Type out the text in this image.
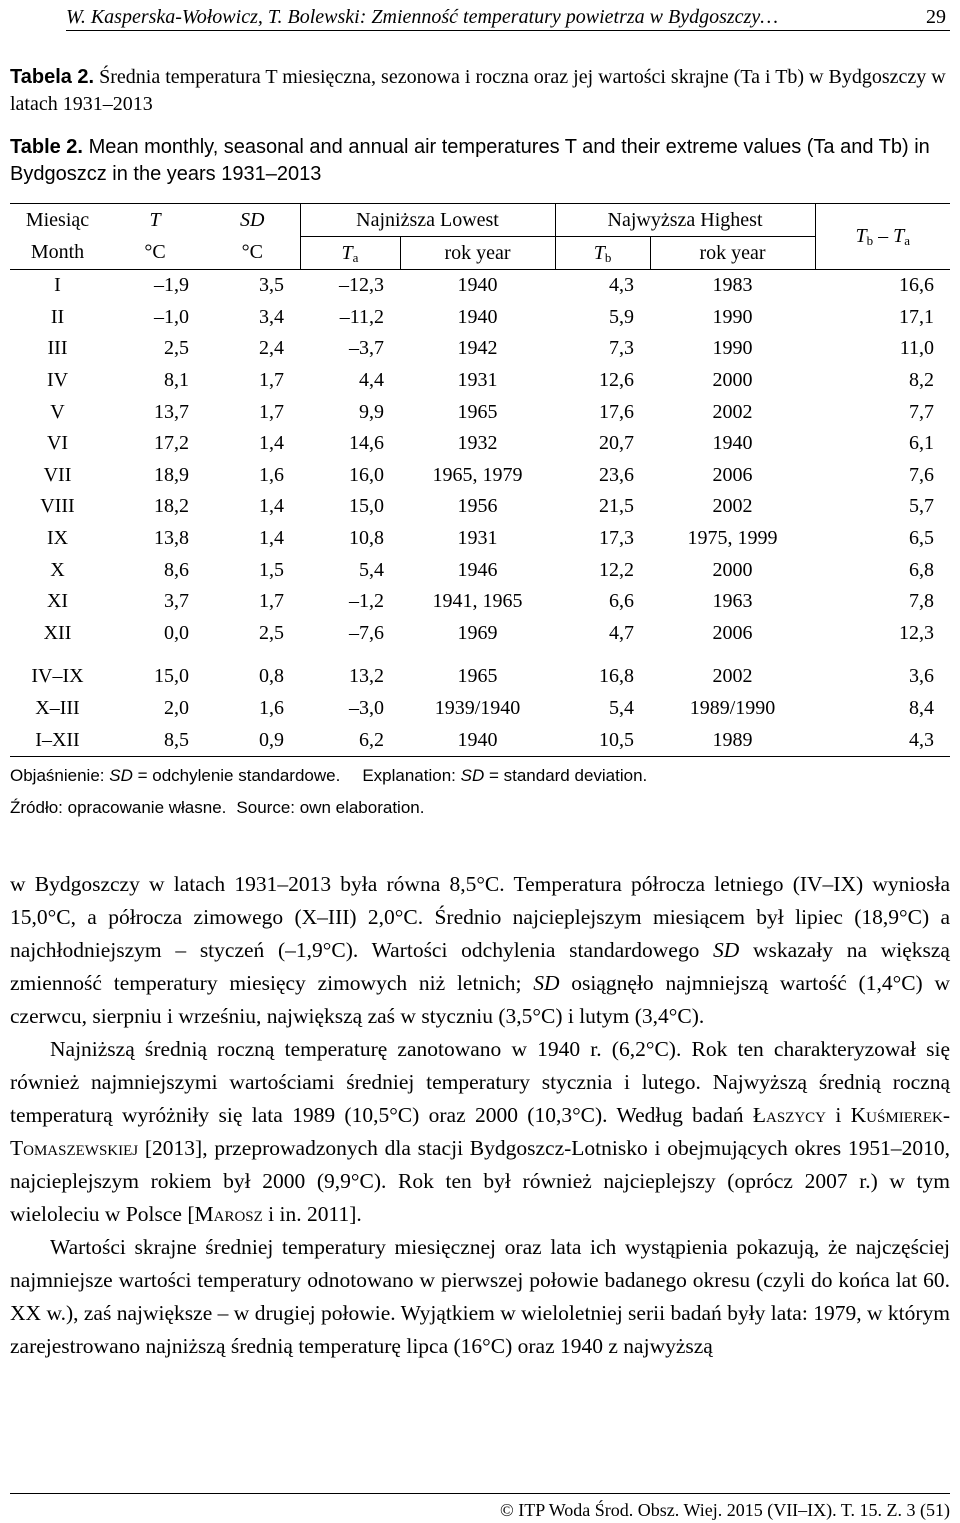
W. Kasperska-Wołowicz, T. Bolewski: Zmienność temperatury powietrza w Bydgoszczy…	29
Tabela 2. Średnia temperatura T miesięczna, sezonowa i roczna oraz jej wartości skrajne (Ta i Tb) w Bydgoszczy w latach 1931‒2013
Table 2. Mean monthly, seasonal and annual air temperatures T and their extreme values (Ta and Tb) in Bydgoszcz in the years 1931‒2013
Miesiąc	T	SD	Najniższa Lowest		Najwyższa Highest		$T_b - T_a$
Month	°C	°C	$T_a$	rok year	$T_b$	rok year	
I	–1,9	3,5	–12,3	1940	4,3	1983	16,6
II	–1,0	3,4	–11,2	1940	5,9	1990	17,1
III	2,5	2,4	–3,7	1942	7,3	1990	11,0
IV	8,1	1,7	4,4	1931	12,6	2000	8,2
V	13,7	1,7	9,9	1965	17,6	2002	7,7
VI	17,2	1,4	14,6	1932	20,7	1940	6,1
VII	18,9	1,6	16,0	1965, 1979	23,6	2006	7,6
VIII	18,2	1,4	15,0	1956	21,5	2002	5,7
IX	13,8	1,4	10,8	1931	17,3	1975, 1999	6,5
X	8,6	1,5	5,4	1946	12,2	2000	6,8
XI	3,7	1,7	–1,2	1941, 1965	6,6	1963	7,8
XII	0,0	2,5	–7,6	1969	4,7	2006	12,3

IV‒IX	15,0	0,8	13,2	1965	16,8	2002	3,6
X‒III	2,0	1,6	–3,0	1939/1940	5,4	1989/1990	8,4
I‒XII	8,5	0,9	6,2	1940	10,5	1989	4,3
Objaśnienie: SD = odchylenie standardowe. Explanation: SD = standard deviation.
Źródło: opracowanie własne. Source: own elaboration.

w Bydgoszczy w latach 1931‒2013 była równa 8,5°C. Temperatura półrocza letniego (IV‒IX) wyniosła 15,0°C, a półrocza zimowego (X‒III) 2,0°C. Średnio najcieplejszym miesiącem był lipiec (18,9°C) a najchłodniejszym – styczeń (–1,9°C). Wartości odchylenia standardowego SD wskazały na większą zmienność temperatury miesięcy zimowych niż letnich; SD osiągnęło najmniejszą wartość (1,4°C) w czerwcu, sierpniu i wrześniu, największą zaś w styczniu (3,5°C) i lutym (3,4°C).

Najniższą średnią roczną temperaturę zanotowano w 1940 r. (6,2°C). Rok ten charakteryzował się również najmniejszymi wartościami średniej temperatury stycznia i lutego. Najwyższą średnią roczną temperaturą wyróżniły się lata 1989 (10,5°C) oraz 2000 (10,3°C). Według badań Łaszycy i Kuśmierek-Tomaszewskiej [2013], przeprowadzonych dla stacji Bydgoszcz-Lotnisko i obejmujących okres 1951‒2010, najcieplejszym rokiem był 2000 (9,9°C). Rok ten był również najcieplejszy (oprócz 2007 r.) w tym wieloleciu w Polsce [Marosz i in. 2011].

Wartości skrajne średniej temperatury miesięcznej oraz lata ich wystąpienia pokazują, że najczęściej najmniejsze wartości temperatury odnotowano w pierwszej połowie badanego okresu (czyli do końca lat 60. XX w.), zaś największe – w drugiej połowie. Wyjątkiem w wieloletniej serii badań były lata: 1979, w którym zarejestrowano najniższą średnią temperaturę lipca (16°C) oraz 1940 z najwyższą

© ITP Woda Środ. Obsz. Wiej. 2015 (VII–IX). T. 15. Z. 3 (51)
